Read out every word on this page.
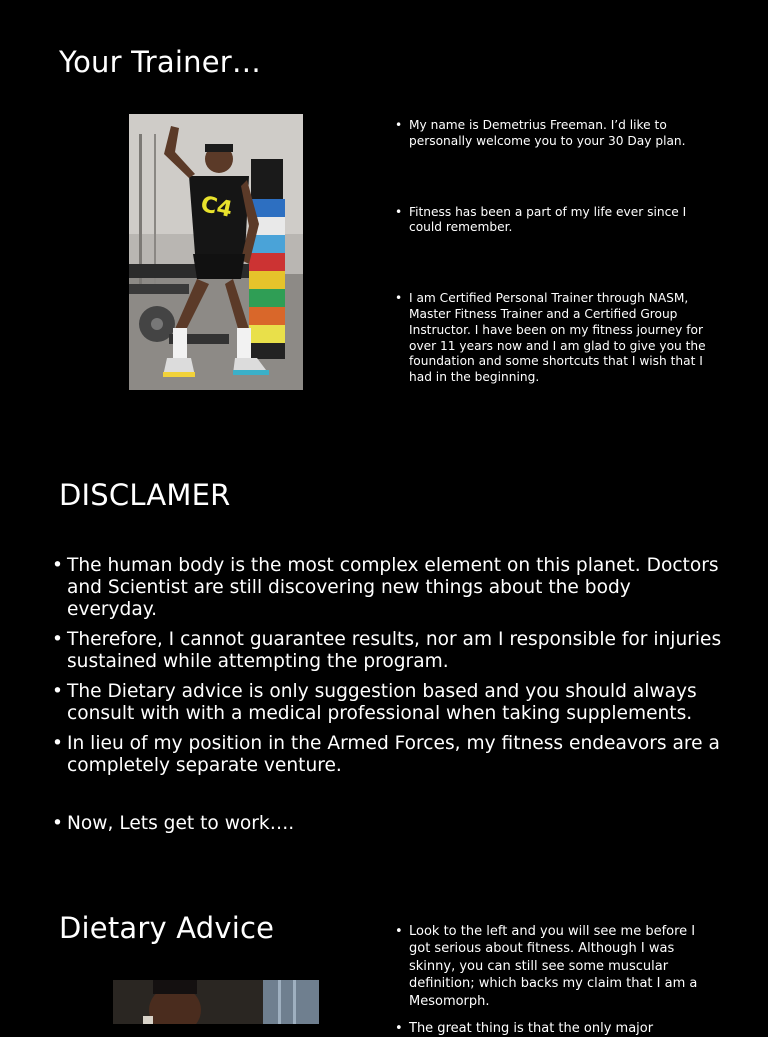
Your Trainer…
C4
• My name is Demetrius Freeman. I’d like to personally welcome you to your 30 Day plan.
• Fitness has been a part of my life ever since I could remember.
• I am Certified Personal Trainer through NASM, Master Fitness Trainer and a Certified Group Instructor. I have been on my fitness journey for over 11 years now and I am glad to give you the foundation and some shortcuts that I wish that I had in the beginning.
DISCLAMER
• The human body is the most complex element on this planet. Doctors and Scientist are still discovering new things about the body everyday.
• Therefore, I cannot guarantee results, nor am I responsible for injuries sustained while attempting the program.
• The Dietary advice is only suggestion based and you should always consult with with a medical professional when taking supplements.
• In lieu of my position in the Armed Forces, my fitness endeavors are a completely separate venture.
• Now, Lets get to work….
Dietary Advice
•	Look to the left and you will see me before I got serious about fitness. Although I was skinny, you can still see some muscular definition; which backs my claim that I am a Mesomorph.
• The great thing is that the only major
